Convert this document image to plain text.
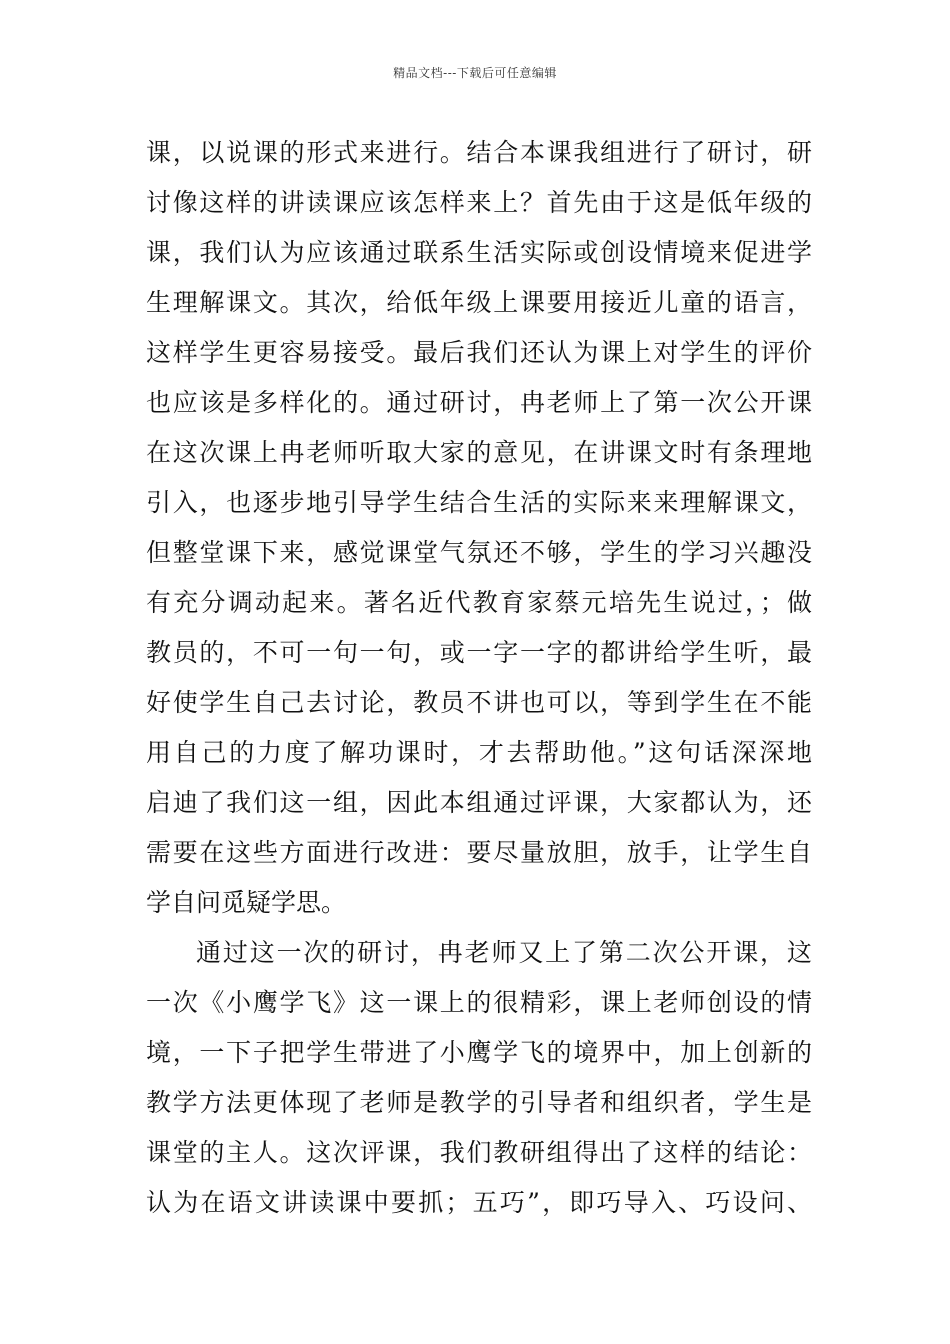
精品文档---下载后可任意编辑
课，以说课的形式来进行。结合本课我组进行了研讨，研
讨像这样的讲读课应该怎样来上？首先由于这是低年级的
课，我们认为应该通过联系生活实际或创设情境来促进学
生理解课文。其次，给低年级上课要用接近儿童的语言，
这样学生更容易接受。最后我们还认为课上对学生的评价
也应该是多样化的。通过研讨，冉老师上了第一次公开课
在这次课上冉老师听取大家的意见，在讲课文时有条理地
引入，也逐步地引导学生结合生活的实际来来理解课文，
但整堂课下来，感觉课堂气氛还不够，学生的学习兴趣没
有充分调动起来。著名近代教育家蔡元培先生说过，；做
教员的，不可一句一句，或一字一字的都讲给学生听，最
好使学生自己去讨论，教员不讲也可以，等到学生在不能
用自己的力度了解功课时，才去帮助他。”这句话深深地
启迪了我们这一组，因此本组通过评课，大家都认为，还
需要在这些方面进行改进：要尽量放胆，放手，让学生自
学自问觅疑学思。
通过这一次的研讨，冉老师又上了第二次公开课，这
一次《小鹰学飞》这一课上的很精彩，课上老师创设的情
境，一下子把学生带进了小鹰学飞的境界中，加上创新的
教学方法更体现了老师是教学的引导者和组织者，学生是
课堂的主人。这次评课，我们教研组得出了这样的结论：
认为在语文讲读课中要抓；五巧”，即巧导入、巧设问、
